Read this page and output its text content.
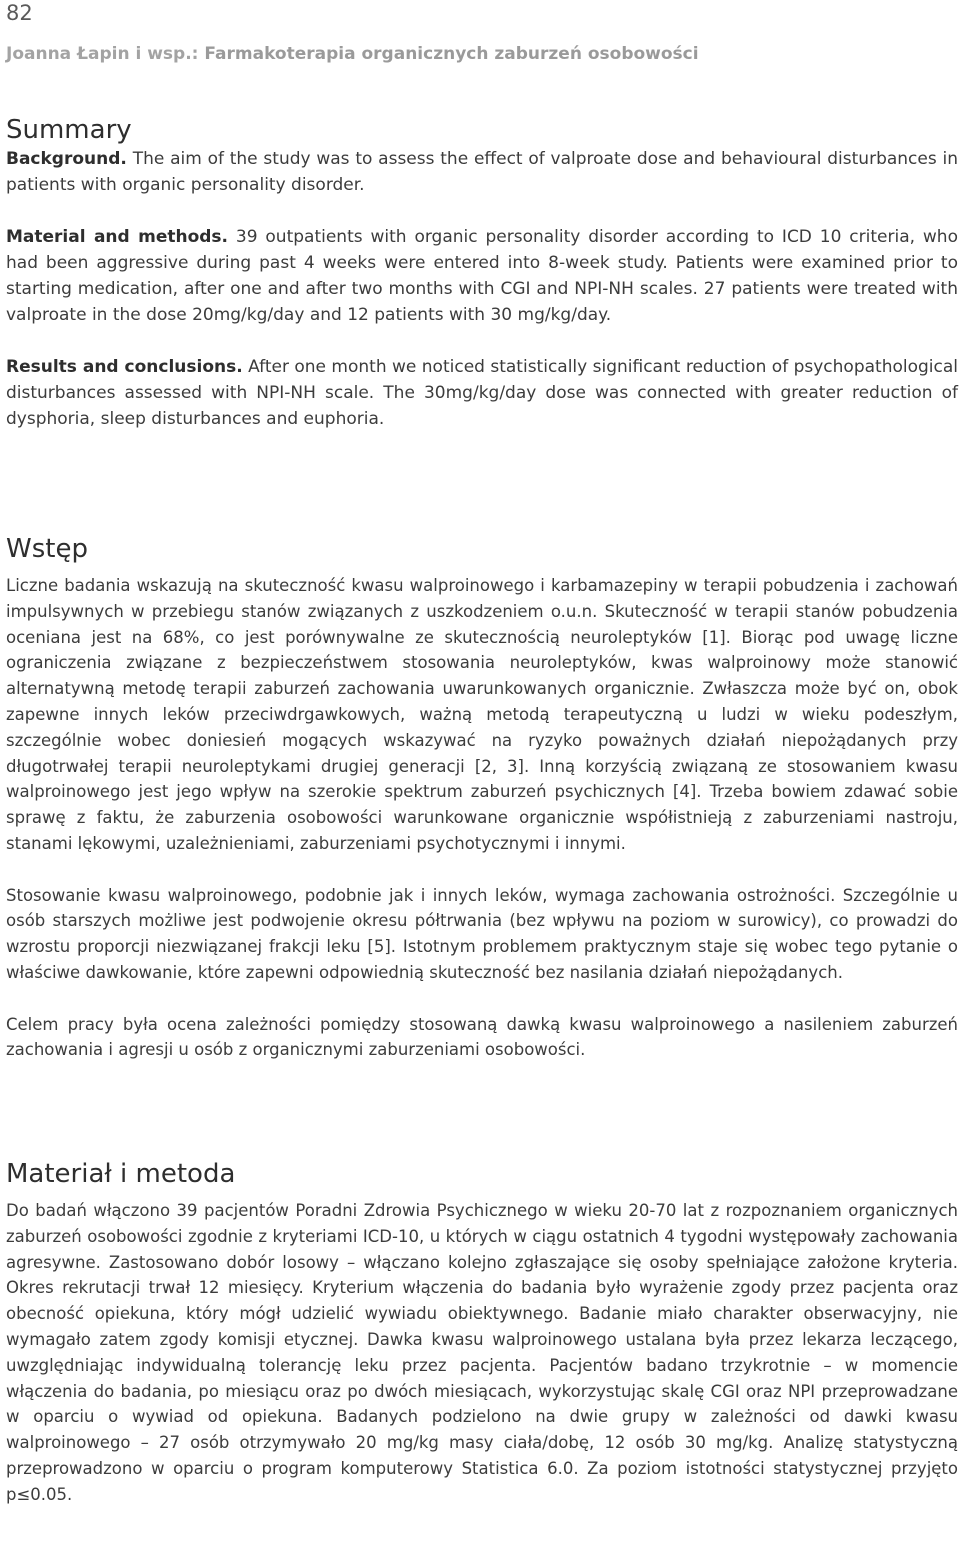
82
Joanna Łapin i wsp.: Farmakoterapia organicznych zaburzeń osobowości
Summary

Background. The aim of the study was to assess the effect of valproate dose and behavioural disturbances in patients with organic personality disorder.

Material and methods. 39 outpatients with organic personality disorder according to ICD 10 criteria, who had been aggressive during past 4 weeks were entered into 8-week study. Patients were examined prior to starting medication, after one and after two months with CGI and NPI-NH scales. 27 patients were treated with valproate in the dose 20mg/kg/day and 12 patients with 30 mg/kg/day.

Results and conclusions. After one month we noticed statistically significant reduction of psychopathological disturbances assessed with NPI-NH scale. The 30mg/kg/day dose was connected with greater reduction of dysphoria, sleep disturbances and euphoria.

Wstęp

Liczne badania wskazują na skuteczność kwasu walproinowego i karbamazepiny w terapii pobudzenia i zachowań impulsywnych w przebiegu stanów związanych z uszkodzeniem o.u.n. Skuteczność w terapii stanów pobudzenia oceniana jest na 68%, co jest porównywalne ze skutecznością neuroleptyków [1]. Biorąc pod uwagę liczne ograniczenia związane z bezpieczeństwem stosowania neuroleptyków, kwas walproinowy może stanowić alternatywną metodę terapii zaburzeń zachowania uwarunkowanych organicznie. Zwłaszcza może być on, obok zapewne innych leków przeciwdrgawkowych, ważną metodą terapeutyczną u ludzi w wieku podeszłym, szczególnie wobec doniesień mogących wskazywać na ryzyko poważnych działań niepożądanych przy długotrwałej terapii neuroleptykami drugiej generacji [2, 3]. Inną korzyścią związaną ze stosowaniem kwasu walproinowego jest jego wpływ na szerokie spektrum zaburzeń psychicznych [4]. Trzeba bowiem zdawać sobie sprawę z faktu, że zaburzenia osobowości warunkowane organicznie współistnieją z zaburzeniami nastroju, stanami lękowymi, uzależnieniami, zaburzeniami psychotycznymi i innymi.

Stosowanie kwasu walproinowego, podobnie jak i innych leków, wymaga zachowania ostrożności. Szczególnie u osób starszych możliwe jest podwojenie okresu półtrwania (bez wpływu na poziom w surowicy), co prowadzi do wzrostu proporcji niezwiązanej frakcji leku [5]. Istotnym problemem praktycznym staje się wobec tego pytanie o właściwe dawkowanie, które zapewni odpowiednią skuteczność bez nasilania działań niepożądanych.

Celem pracy była ocena zależności pomiędzy stosowaną dawką kwasu walproinowego a nasileniem zaburzeń zachowania i agresji u osób z organicznymi zaburzeniami osobowości.

Materiał i metoda

Do badań włączono 39 pacjentów Poradni Zdrowia Psychicznego w wieku 20-70 lat z rozpoznaniem organicznych zaburzeń osobowości zgodnie z kryteriami ICD-10, u których w ciągu ostatnich 4 tygodni występowały zachowania agresywne. Zastosowano dobór losowy – włączano kolejno zgłaszające się osoby spełniające założone kryteria. Okres rekrutacji trwał 12 miesięcy. Kryterium włączenia do badania było wyrażenie zgody przez pacjenta oraz obecność opiekuna, który mógł udzielić wywiadu obiektywnego. Badanie miało charakter obserwacyjny, nie wymagało zatem zgody komisji etycznej. Dawka kwasu walproinowego ustalana była przez lekarza leczącego, uwzględniając indywidualną tolerancję leku przez pacjenta. Pacjentów badano trzykrotnie – w momencie włączenia do badania, po miesiącu oraz po dwóch miesiącach, wykorzystując skalę CGI oraz NPI przeprowadzane w oparciu o wywiad od opiekuna. Badanych podzielono na dwie grupy w zależności od dawki kwasu walproinowego – 27 osób otrzymywało 20 mg/kg masy ciała/dobę, 12 osób 30 mg/kg. Analizę statystyczną przeprowadzono w oparciu o program komputerowy Statistica 6.0. Za poziom istotności statystycznej przyjęto p≤0.05.
